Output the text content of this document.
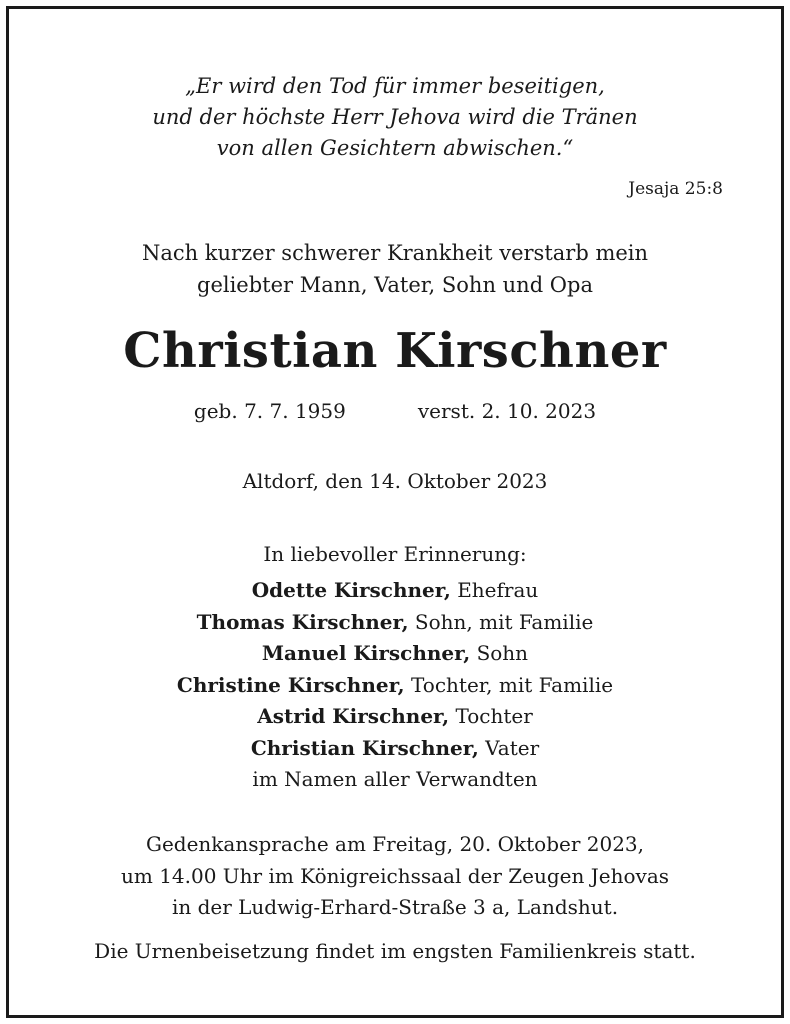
„Er wird den Tod für immer beseitigen,
und der höchste Herr Jehova wird die Tränen
von allen Gesichtern abwischen.“
Jesaja 25:8
Nach kurzer schwerer Krankheit verstarb mein
geliebter Mann, Vater, Sohn und Opa
Christian Kirschner
geb. 7. 7. 1959	verst. 2. 10. 2023
Altdorf, den 14. Oktober 2023
In liebevoller Erinnerung:
Odette Kirschner, Ehefrau
Thomas Kirschner, Sohn, mit Familie
Manuel Kirschner, Sohn
Christine Kirschner, Tochter, mit Familie
Astrid Kirschner, Tochter
Christian Kirschner, Vater
im Namen aller Verwandten
Gedenkansprache am Freitag, 20. Oktober 2023,
um 14.00 Uhr im Königreichssaal der Zeugen Jehovas
in der Ludwig-Erhard-Straße 3 a, Landshut.
Die Urnenbeisetzung findet im engsten Familienkreis statt.
